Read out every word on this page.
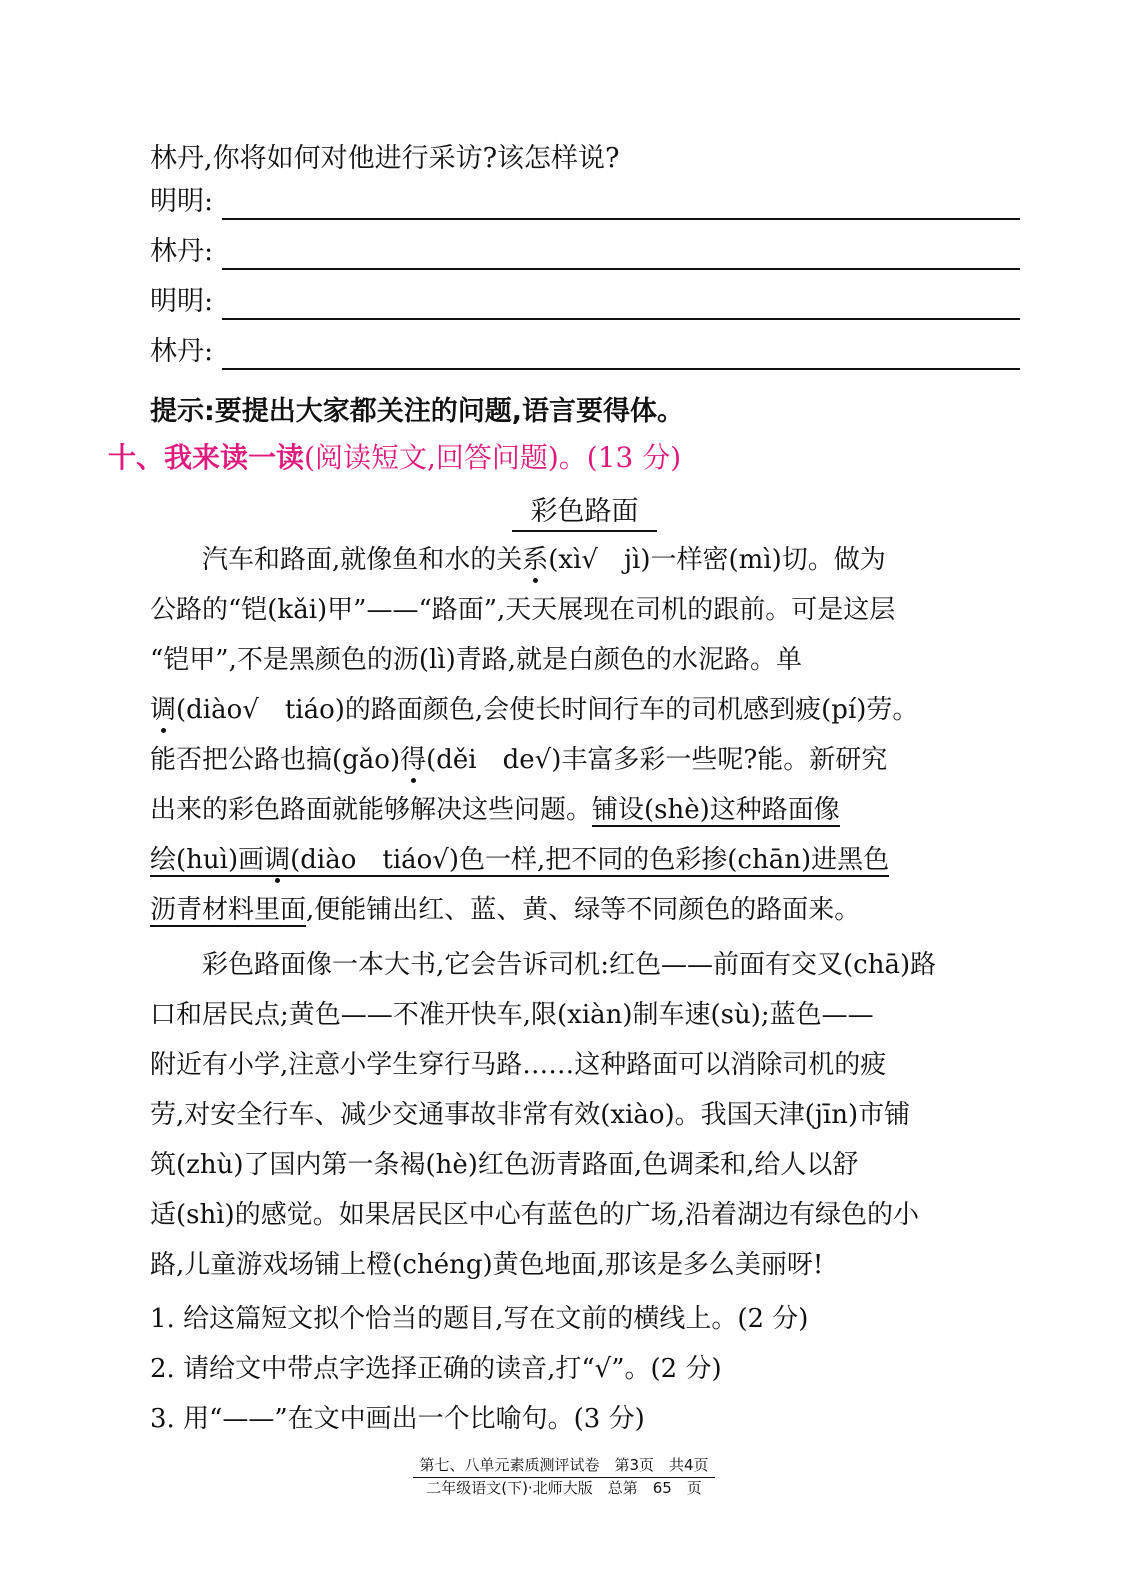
林丹,你将如何对他进行采访?该怎样说?
明明:
林丹:
明明:
林丹:
提示:要提出大家都关注的问题,语言要得体。
十、我来读一读(阅读短文,回答问题)。(13 分)
彩色路面
　　汽车和路面,就像鱼和水的关系(xì√　jì)一样密(mì)切。做为
公路的“铠(kǎi)甲”——“路面”,天天展现在司机的跟前。可是这层
“铠甲”,不是黑颜色的沥(lì)青路,就是白颜色的水泥路。单
调(diào√　tiáo)的路面颜色,会使长时间行车的司机感到疲(pí)劳。
能否把公路也搞(gǎo)得(děi　de√)丰富多彩一些呢?能。新研究
出来的彩色路面就能够解决这些问题。铺设(shè)这种路面像
绘(huì)画调(diào　tiáo√)色一样,把不同的色彩掺(chān)进黑色
沥青材料里面,便能铺出红、蓝、黄、绿等不同颜色的路面来。
　　彩色路面像一本大书,它会告诉司机:红色——前面有交叉(chā)路
口和居民点;黄色——不准开快车,限(xiàn)制车速(sù);蓝色——
附近有小学,注意小学生穿行马路……这种路面可以消除司机的疲
劳,对安全行车、减少交通事故非常有效(xiào)。我国天津(jīn)市铺
筑(zhù)了国内第一条褐(hè)红色沥青路面,色调柔和,给人以舒
适(shì)的感觉。如果居民区中心有蓝色的广场,沿着湖边有绿色的小
路,儿童游戏场铺上橙(chéng)黄色地面,那该是多么美丽呀!
1. 给这篇短文拟个恰当的题目,写在文前的横线上。(2 分)
2. 请给文中带点字选择正确的读音,打“√”。(2 分)
3. 用“——”在文中画出一个比喻句。(3 分)
第七、八单元素质测评试卷　第3页　共4页
二年级语文(下)·北师大版　总第　65　页
